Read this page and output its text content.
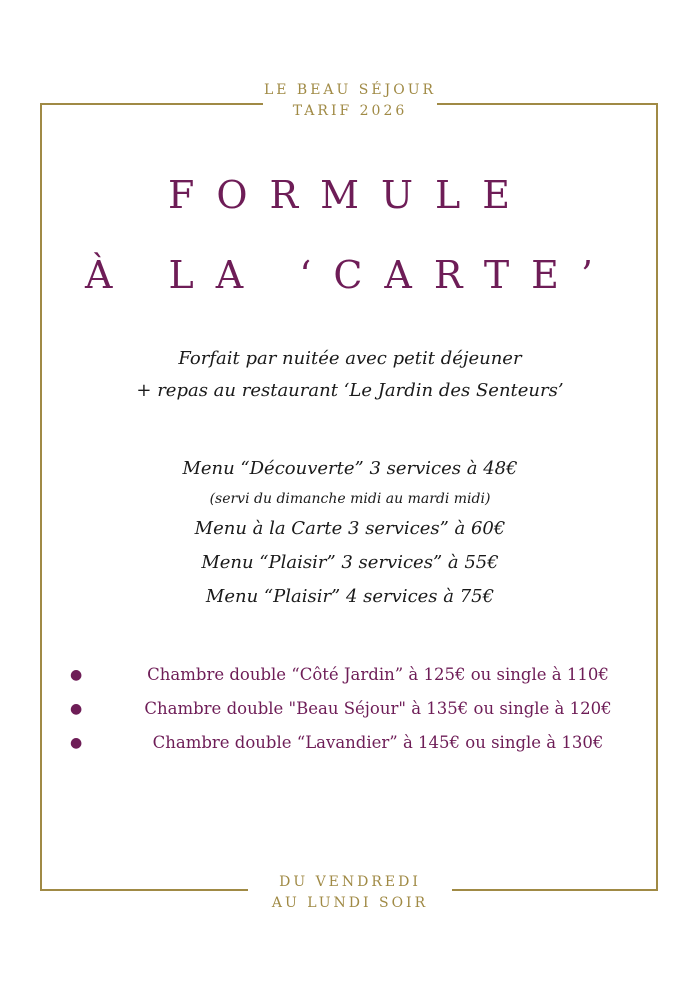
LE BEAU SÉJOUR
TARIF 2026
FORMULE
À LA ‘CARTE’
Forfait par nuitée avec petit déjeuner
+ repas au restaurant ‘Le Jardin des Senteurs’
Menu “Découverte” 3 services à 48€
(servi du dimanche midi au mardi midi)
Menu à la Carte 3 services” à 60€
Menu “Plaisir” 3 services” à 55€
Menu “Plaisir” 4 services à 75€
●	Chambre double “Côté Jardin” à 125€ ou single à 110€
●	Chambre double "Beau Séjour" à 135€ ou single à 120€
●	Chambre double “Lavandier” à 145€ ou single à 130€
DU VENDREDI
AU LUNDI SOIR
